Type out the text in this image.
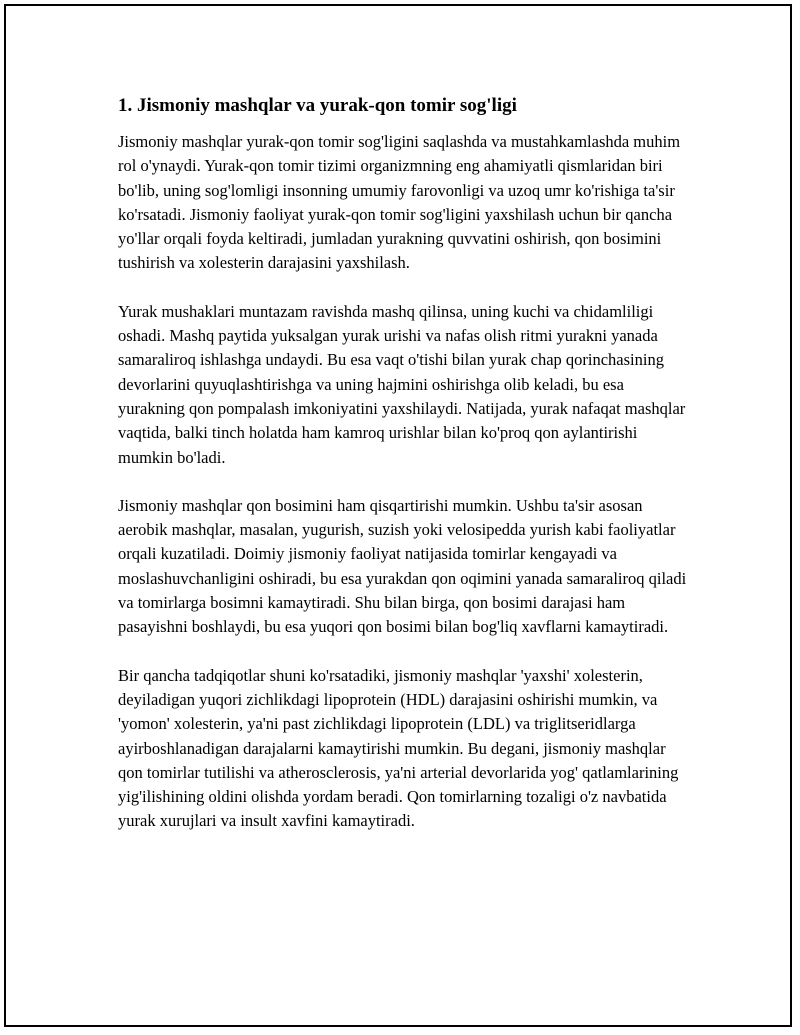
1. Jismoniy mashqlar va yurak-qon tomir sog'ligi

Jismoniy mashqlar yurak-qon tomir sog'ligini saqlashda va mustahkamlashda muhim rol o'ynaydi. Yurak-qon tomir tizimi organizmning eng ahamiyatli qismlaridan biri bo'lib, uning sog'lomligi insonning umumiy farovonligi va uzoq umr ko'rishiga ta'sir ko'rsatadi. Jismoniy faoliyat yurak-qon tomir sog'ligini yaxshilash uchun bir qancha yo'llar orqali foyda keltiradi, jumladan yurakning quvvatini oshirish, qon bosimini tushirish va xolesterin darajasini yaxshilash.

Yurak mushaklari muntazam ravishda mashq qilinsa, uning kuchi va chidamliligi oshadi. Mashq paytida yuksalgan yurak urishi va nafas olish ritmi yurakni yanada samaraliroq ishlashga undaydi. Bu esa vaqt o'tishi bilan yurak chap qorinchasining devorlarini quyuqlashtirishga va uning hajmini oshirishga olib keladi, bu esa yurakning qon pompalash imkoniyatini yaxshilaydi. Natijada, yurak nafaqat mashqlar vaqtida, balki tinch holatda ham kamroq urishlar bilan ko'proq qon aylantirishi mumkin bo'ladi.

Jismoniy mashqlar qon bosimini ham qisqartirishi mumkin. Ushbu ta'sir asosan aerobik mashqlar, masalan, yugurish, suzish yoki velosipedda yurish kabi faoliyatlar orqali kuzatiladi. Doimiy jismoniy faoliyat natijasida tomirlar kengayadi va moslashuvchanligini oshiradi, bu esa yurakdan qon oqimini yanada samaraliroq qiladi va tomirlarga bosimni kamaytiradi. Shu bilan birga, qon bosimi darajasi ham pasayishni boshlaydi, bu esa yuqori qon bosimi bilan bog'liq xavflarni kamaytiradi.

Bir qancha tadqiqotlar shuni ko'rsatadiki, jismoniy mashqlar 'yaxshi' xolesterin, deyiladigan yuqori zichlikdagi lipoprotein (HDL) darajasini oshirishi mumkin, va 'yomon' xolesterin, ya'ni past zichlikdagi lipoprotein (LDL) va triglitseridlarga ayirboshlanadigan darajalarni kamaytirishi mumkin. Bu degani, jismoniy mashqlar qon tomirlar tutilishi va atherosclerosis, ya'ni arterial devorlarida yog' qatlamlarining yig'ilishining oldini olishda yordam beradi. Qon tomirlarning tozaligi o'z navbatida yurak xurujlari va insult xavfini kamaytiradi.
